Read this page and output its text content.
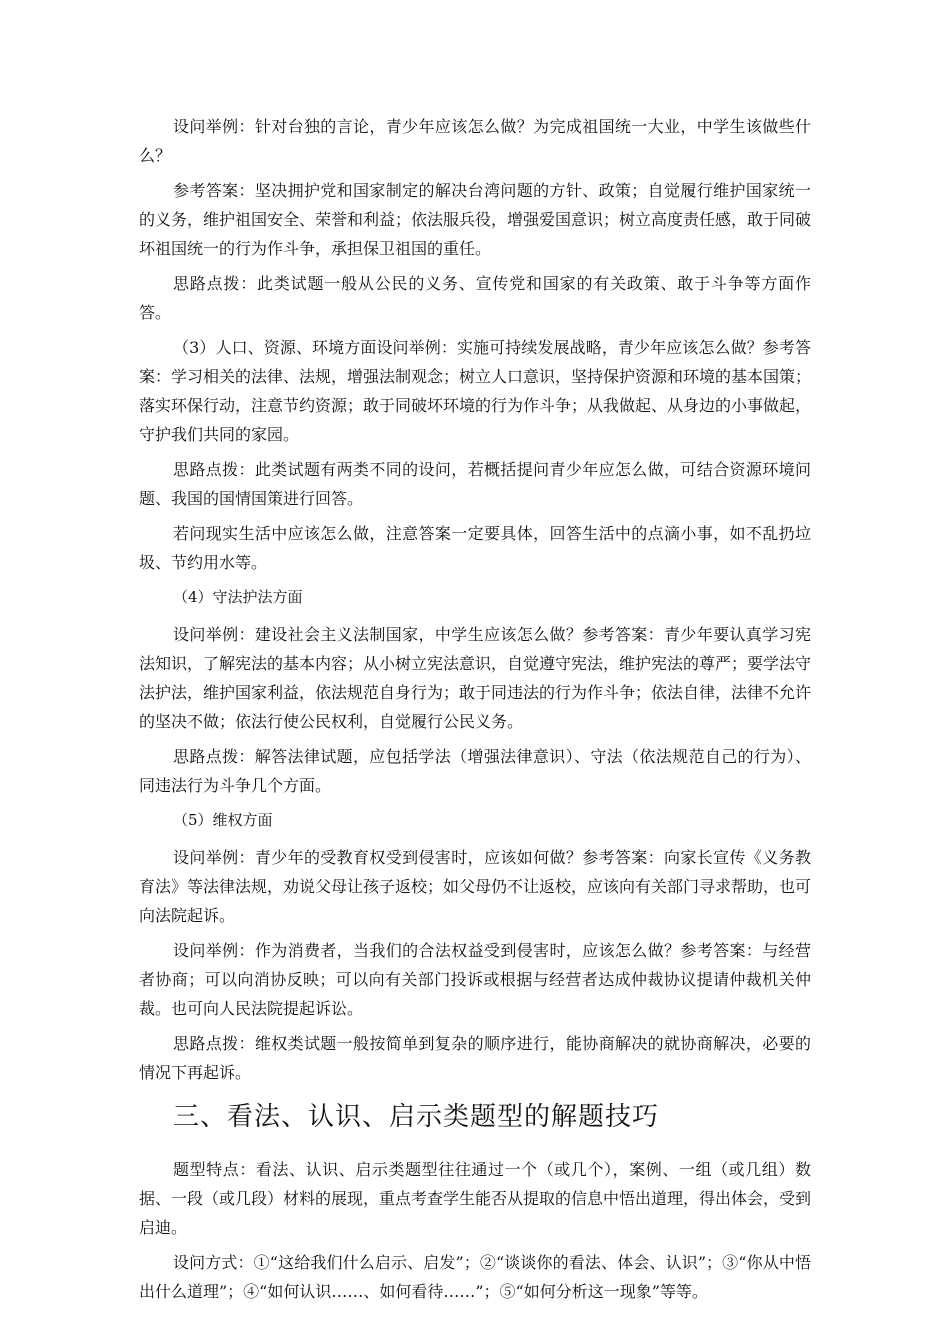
设问举例：针对台独的言论，青少年应该怎么做？为完成祖国统一大业，中学生该做些什么？

参考答案：坚决拥护党和国家制定的解决台湾问题的方针、政策；自觉履行维护国家统一的义务，维护祖国安全、荣誉和利益；依法服兵役，增强爱国意识；树立高度责任感，敢于同破坏祖国统一的行为作斗争，承担保卫祖国的重任。

思路点拨：此类试题一般从公民的义务、宣传党和国家的有关政策、敢于斗争等方面作答。

（3）人口、资源、环境方面设问举例：实施可持续发展战略，青少年应该怎么做？参考答案：学习相关的法律、法规，增强法制观念；树立人口意识，坚持保护资源和环境的基本国策；落实环保行动，注意节约资源；敢于同破坏环境的行为作斗争；从我做起、从身边的小事做起，守护我们共同的家园。

思路点拨：此类试题有两类不同的设问，若概括提问青少年应怎么做，可结合资源环境问题、我国的国情国策进行回答。

若问现实生活中应该怎么做，注意答案一定要具体，回答生活中的点滴小事，如不乱扔垃圾、节约用水等。

（4）守法护法方面

设问举例：建设社会主义法制国家，中学生应该怎么做？参考答案：青少年要认真学习宪法知识，了解宪法的基本内容；从小树立宪法意识，自觉遵守宪法，维护宪法的尊严；要学法守法护法，维护国家利益，依法规范自身行为；敢于同违法的行为作斗争；依法自律，法律不允许的坚决不做；依法行使公民权利，自觉履行公民义务。

思路点拨：解答法律试题，应包括学法（增强法律意识）、守法（依法规范自己的行为）、同违法行为斗争几个方面。

（5）维权方面

设问举例：青少年的受教育权受到侵害时，应该如何做？参考答案：向家长宣传《义务教育法》等法律法规，劝说父母让孩子返校；如父母仍不让返校，应该向有关部门寻求帮助，也可向法院起诉。

设问举例：作为消费者，当我们的合法权益受到侵害时，应该怎么做？参考答案：与经营者协商；可以向消协反映；可以向有关部门投诉或根据与经营者达成仲裁协议提请仲裁机关仲裁。也可向人民法院提起诉讼。

思路点拨：维权类试题一般按简单到复杂的顺序进行，能协商解决的就协商解决，必要的情况下再起诉。

三、看法、认识、启示类题型的解题技巧

题型特点：看法、认识、启示类题型往往通过一个（或几个），案例、一组（或几组）数据、一段（或几段）材料的展现，重点考查学生能否从提取的信息中悟出道理，得出体会，受到启迪。

设问方式：①“这给我们什么启示、启发”；②“谈谈你的看法、体会、认识”；③“你从中悟出什么道理”；④“如何认识……、如何看待……”；⑤“如何分析这一现象”等等。
